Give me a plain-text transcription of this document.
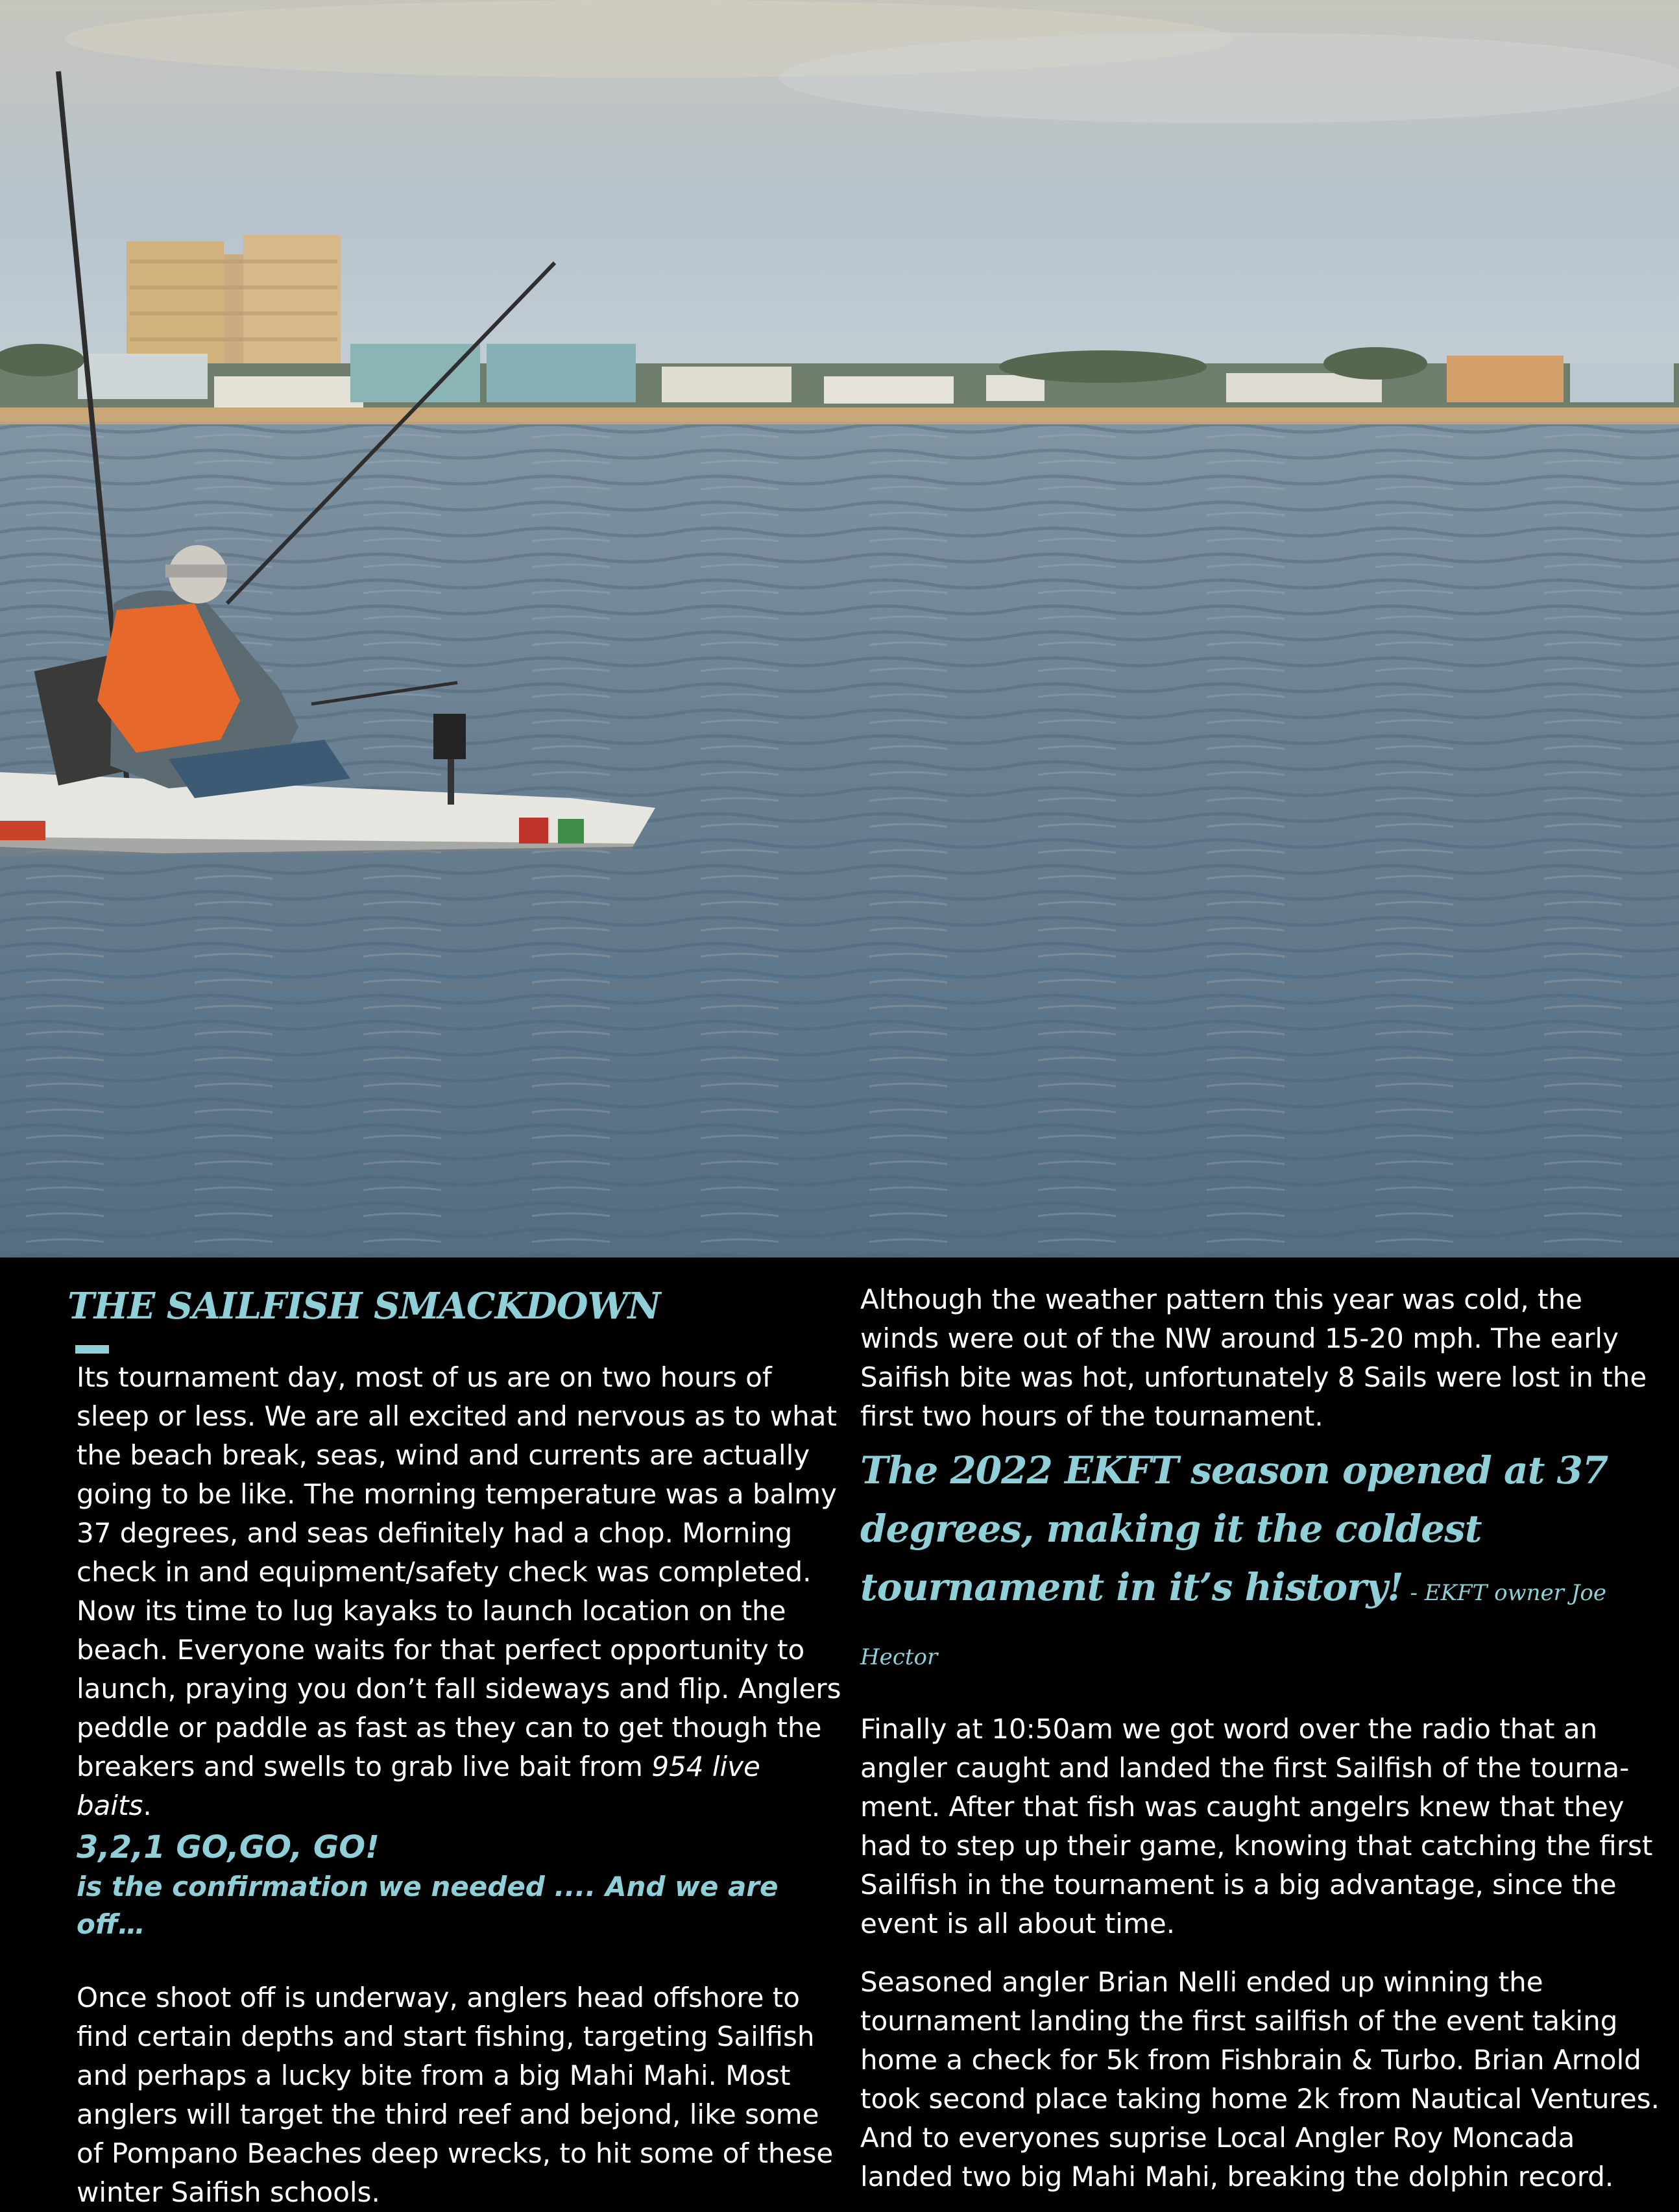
THE SAILFISH SMACKDOWN

Its tournament day, most of us are on two hours of sleep or less. We are all excited and nervous as to what the beach break, seas, wind and currents are actually going to be like. The morning temperature was a balmy 37 degrees, and seas definitely had a chop. Morning check in and equipment/safety check was completed. Now its time to lug kayaks to launch location on the beach. Everyone waits for that perfect opportunity to launch, praying you don’t fall sideways and flip. Anglers peddle or paddle as fast as they can to get though the breakers and swells to grab live bait from 954 live baits.

3,2,1 GO,GO, GO!

is the confirmation we needed .... And we are off…

Once shoot off is underway, anglers head offshore to find certain depths and start fishing, targeting Sailfish and perhaps a lucky bite from a big Mahi Mahi. Most anglers will target the third reef and bejond, like some of Pompano Beaches deep wrecks, to hit some of these winter Saifish schools.

Although the weather pattern this year was cold, the winds were out of the NW around 15-20 mph. The early Saifish bite was hot, unfortunately 8 Sails were lost in the first two hours of the tournament.

The 2022 EKFT season opened at 37 degrees, making it the coldest tournament in it’s history! - EKFT owner Joe Hector

Finally at 10:50am we got word over the radio that an angler caught and landed the first Sailfish of the tourna- ment. After that fish was caught angelrs knew that they had to step up their game, knowing that catching the first Sailfish in the tournament is a big advantage, since the event is all about time.

Seasoned angler Brian Nelli ended up winning the tournament landing the first sailfish of the event taking home a check for 5k from Fishbrain & Turbo. Brian Arnold took second place taking home 2k from Nautical Ventures. And to everyones suprise Local Angler Roy Moncada landed two big Mahi Mahi, breaking the dolphin record.
